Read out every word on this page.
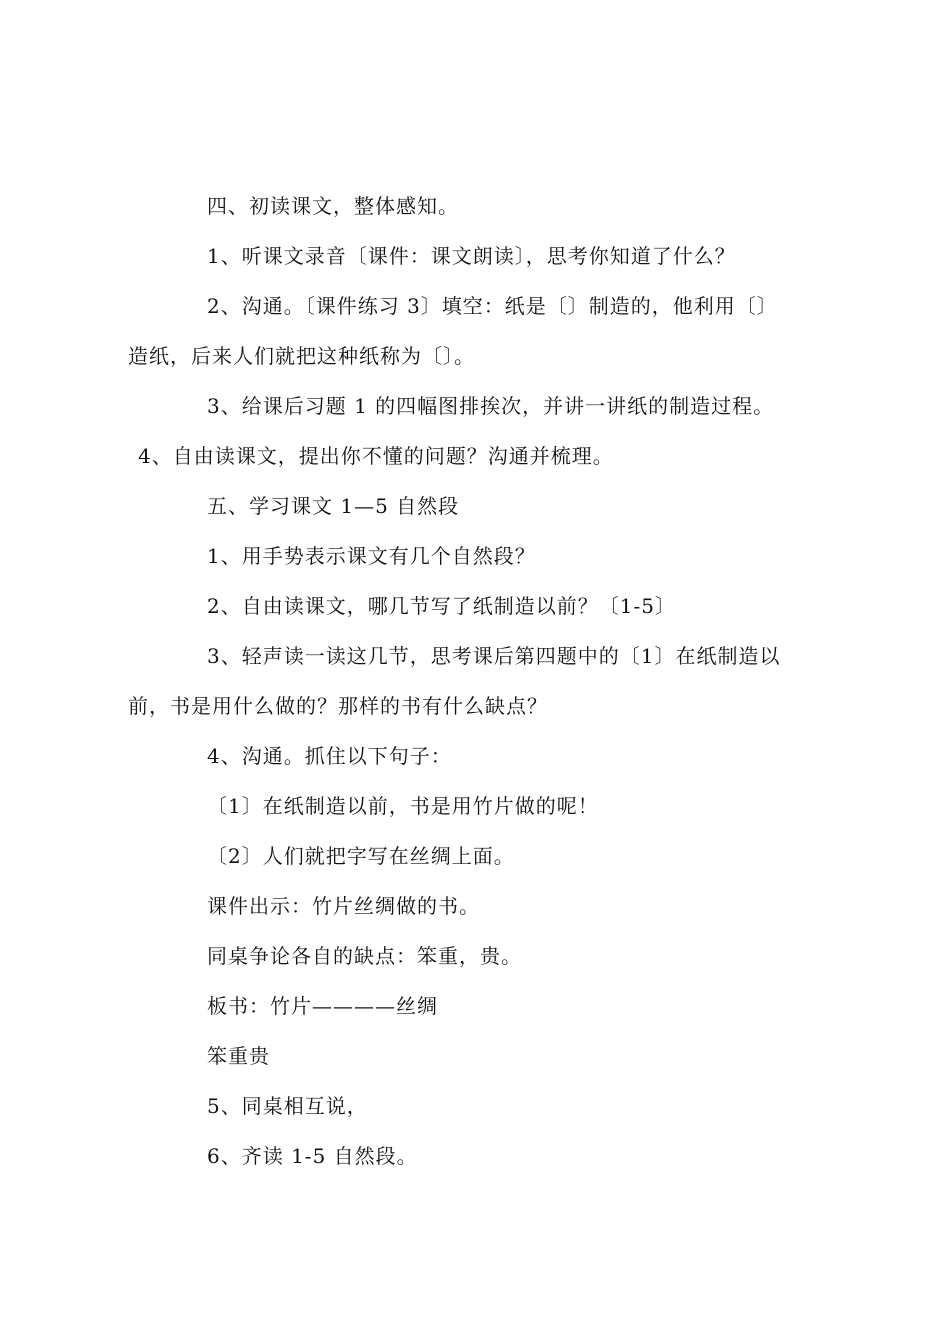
四、初读课文，整体感知。
1、听课文录音〔课件：课文朗读〕，思考你知道了什么？
2、沟通。〔课件练习 3〕填空：纸是〔〕制造的，他利用〔〕
造纸，后来人们就把这种纸称为〔〕。
3、给课后习题 1 的四幅图排挨次，并讲一讲纸的制造过程。
4、自由读课文，提出你不懂的问题？沟通并梳理。
五、学习课文 1—5 自然段
1、用手势表示课文有几个自然段？
2、自由读课文，哪几节写了纸制造以前？〔1-5〕
3、轻声读一读这几节，思考课后第四题中的〔1〕在纸制造以
前，书是用什么做的？那样的书有什么缺点？
4、沟通。抓住以下句子：
〔1〕在纸制造以前，书是用竹片做的呢！
〔2〕人们就把字写在丝绸上面。
课件出示：竹片丝绸做的书。
同桌争论各自的缺点：笨重，贵。
板书：竹片————丝绸
笨重贵
5、同桌相互说，
6、齐读 1-5 自然段。
